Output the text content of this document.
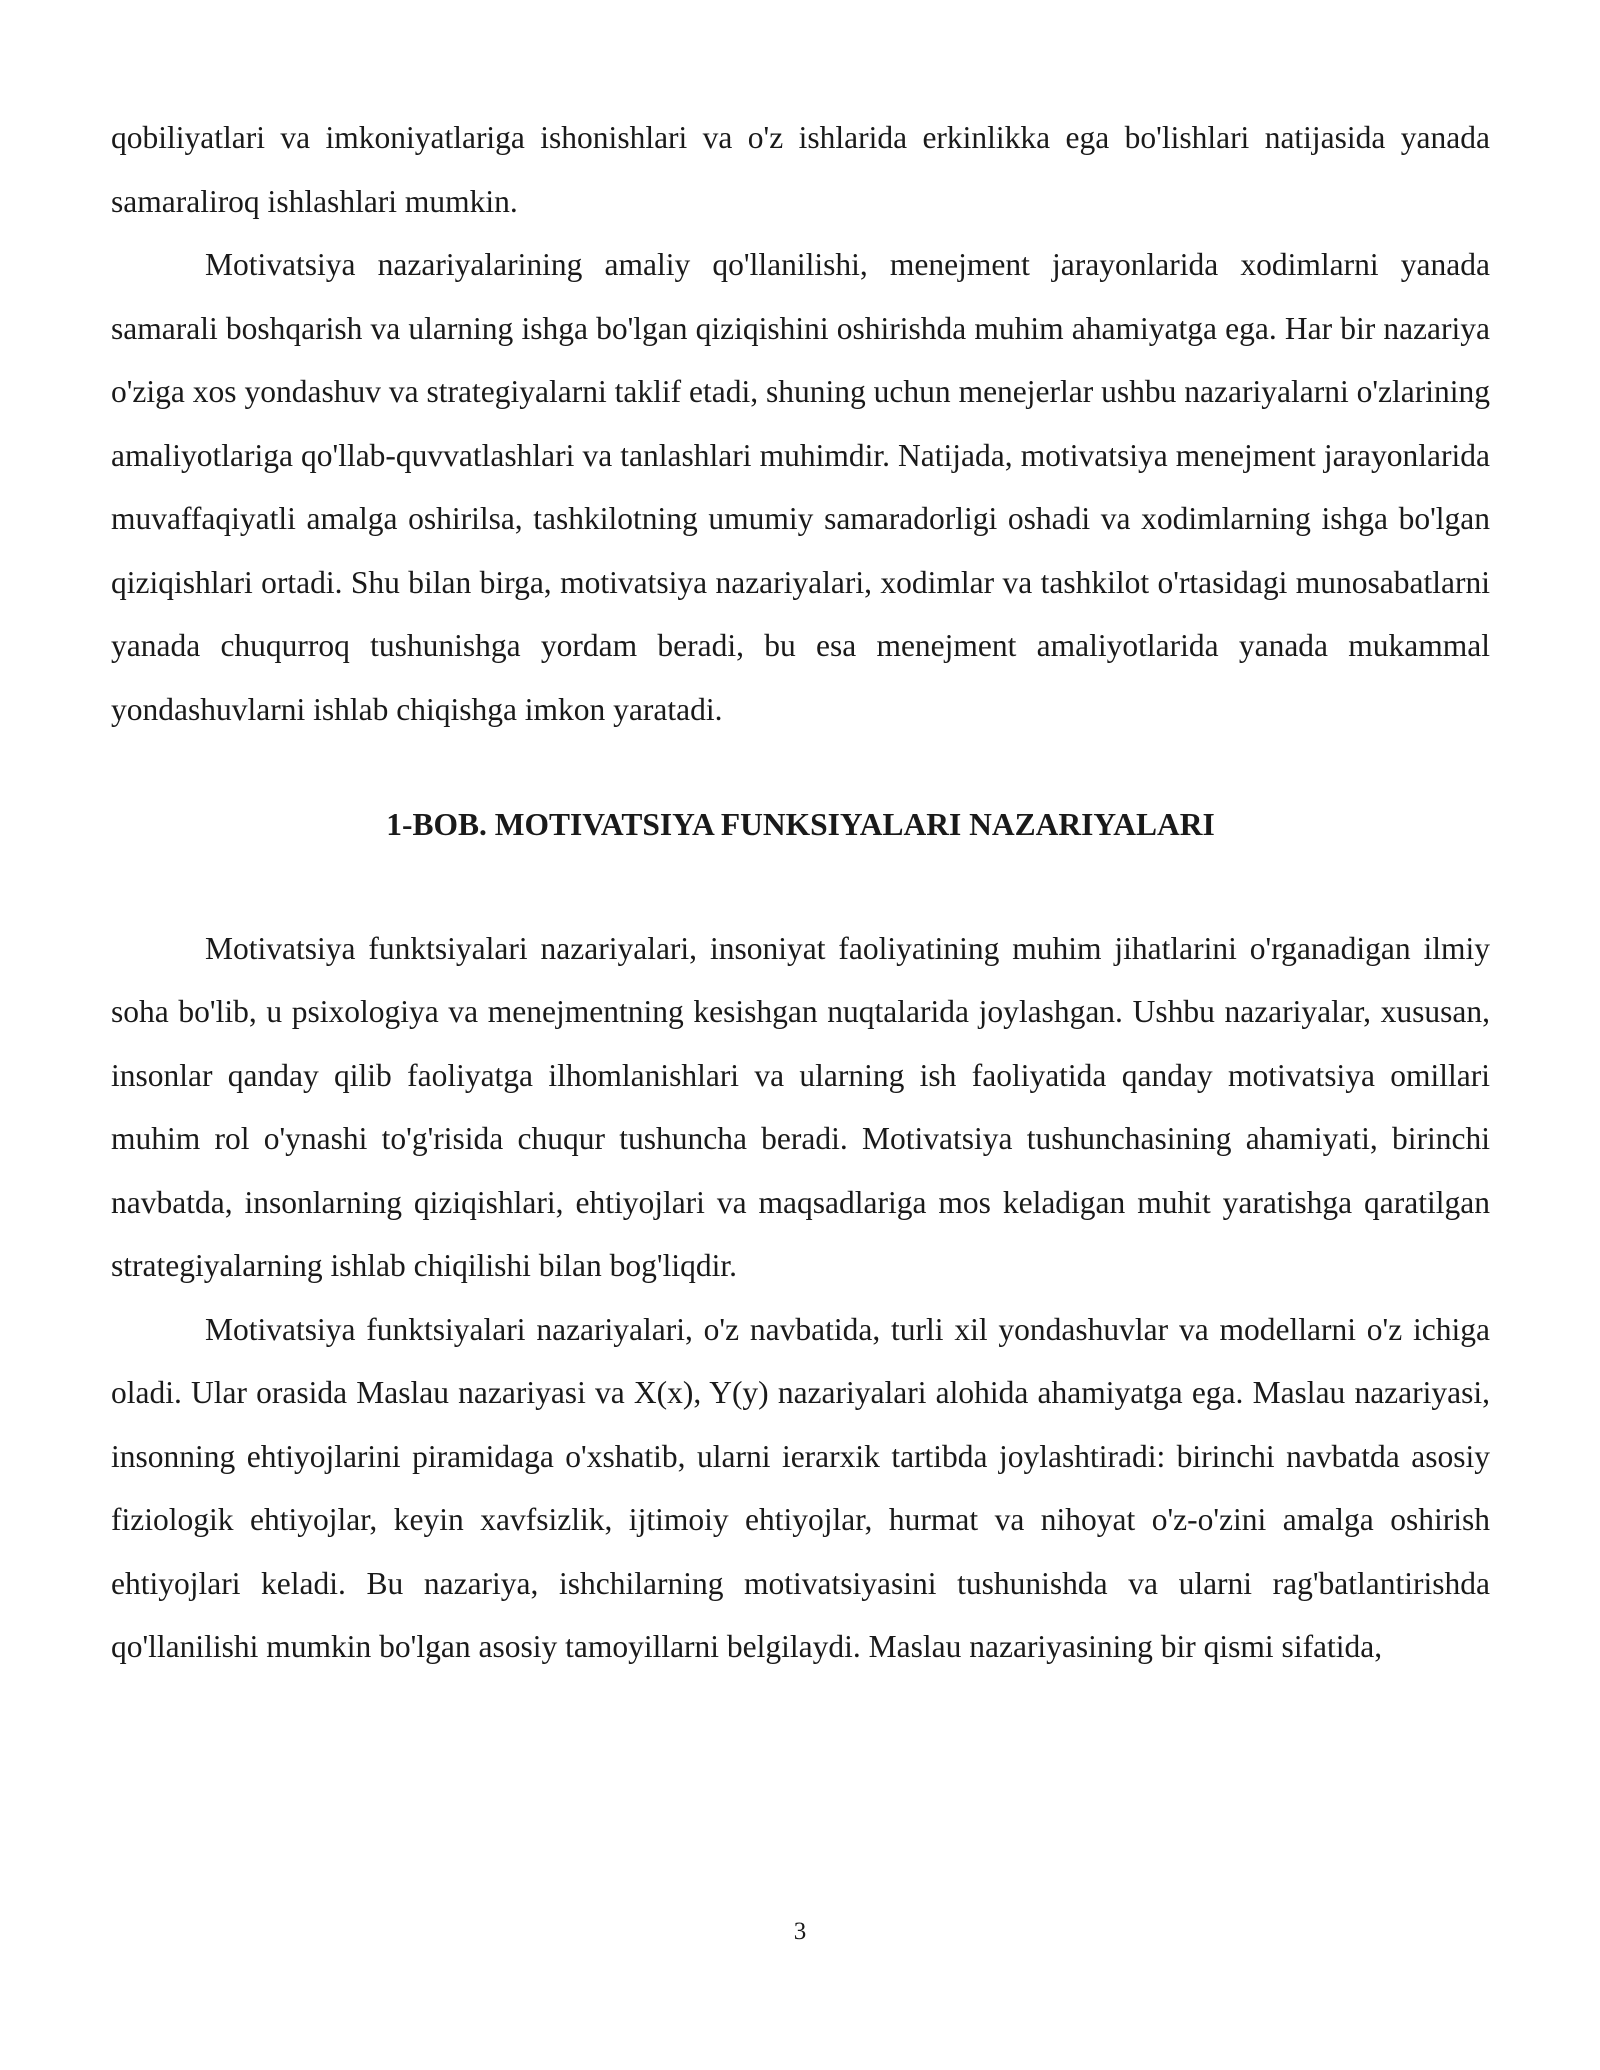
qobiliyatlari va imkoniyatlariga ishonishlari va o'z ishlarida erkinlikka ega bo'lishlari natijasida yanada samaraliroq ishlashlari mumkin.

Motivatsiya nazariyalarining amaliy qo'llanilishi, menejment jarayonlarida xodimlarni yanada samarali boshqarish va ularning ishga bo'lgan qiziqishini oshirishda muhim ahamiyatga ega. Har bir nazariya o'ziga xos yondashuv va strategiyalarni taklif etadi, shuning uchun menejerlar ushbu nazariyalarni o'zlarining amaliyotlariga qo'llab-quvvatlashlari va tanlashlari muhimdir. Natijada, motivatsiya menejment jarayonlarida muvaffaqiyatli amalga oshirilsa, tashkilotning umumiy samaradorligi oshadi va xodimlarning ishga bo'lgan qiziqishlari ortadi. Shu bilan birga, motivatsiya nazariyalari, xodimlar va tashkilot o'rtasidagi munosabatlarni yanada chuqurroq tushunishga yordam beradi, bu esa menejment amaliyotlarida yanada mukammal yondashuvlarni ishlab chiqishga imkon yaratadi.

1-BOB. MOTIVATSIYA FUNKSIYALARI NAZARIYALARI

Motivatsiya funktsiyalari nazariyalari, insoniyat faoliyatining muhim jihatlarini o'rganadigan ilmiy soha bo'lib, u psixologiya va menejmentning kesishgan nuqtalarida joylashgan. Ushbu nazariyalar, xususan, insonlar qanday qilib faoliyatga ilhomlanishlari va ularning ish faoliyatida qanday motivatsiya omillari muhim rol o'ynashi to'g'risida chuqur tushuncha beradi. Motivatsiya tushunchasining ahamiyati, birinchi navbatda, insonlarning qiziqishlari, ehtiyojlari va maqsadlariga mos keladigan muhit yaratishga qaratilgan strategiyalarning ishlab chiqilishi bilan bog'liqdir.

Motivatsiya funktsiyalari nazariyalari, o'z navbatida, turli xil yondashuvlar va modellarni o'z ichiga oladi. Ular orasida Maslau nazariyasi va X(x), Y(y) nazariyalari alohida ahamiyatga ega. Maslau nazariyasi, insonning ehtiyojlarini piramidaga o'xshatib, ularni ierarxik tartibda joylashtiradi: birinchi navbatda asosiy fiziologik ehtiyojlar, keyin xavfsizlik, ijtimoiy ehtiyojlar, hurmat va nihoyat o'z-o'zini amalga oshirish ehtiyojlari keladi. Bu nazariya, ishchilarning motivatsiyasini tushunishda va ularni rag'batlantirishda qo'llanilishi mumkin bo'lgan asosiy tamoyillarni belgilaydi. Maslau nazariyasining bir qismi sifatida,

3
